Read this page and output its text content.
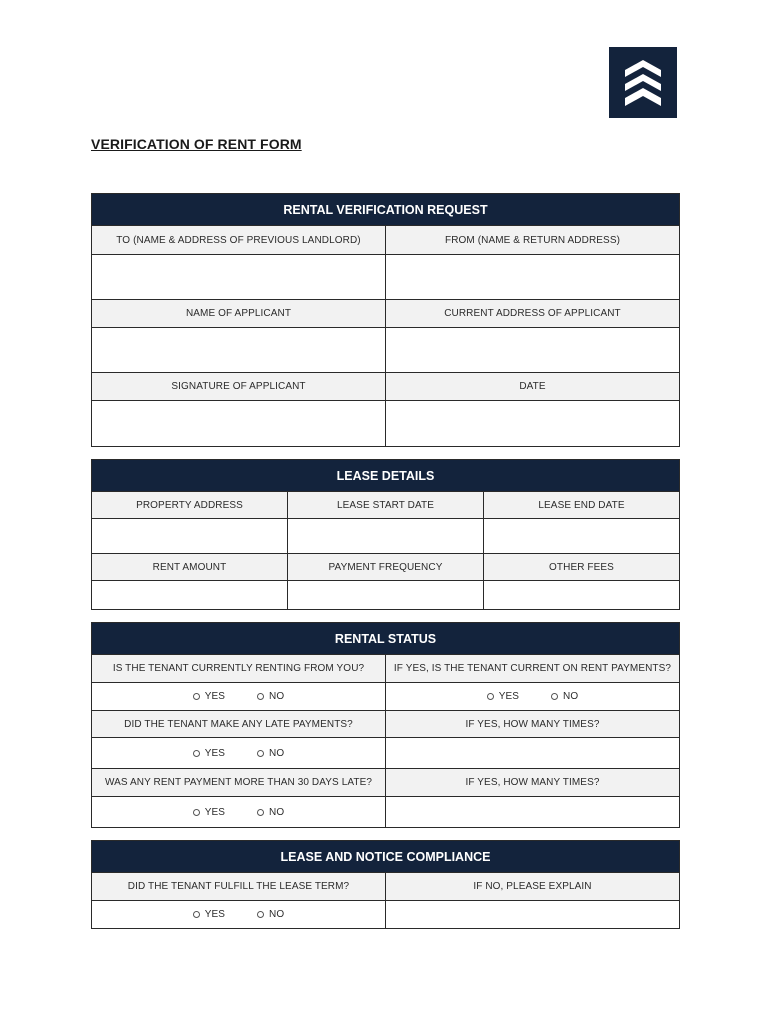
VERIFICATION OF RENT FORM
RENTAL VERIFICATION REQUEST
TO (NAME & ADDRESS OF PREVIOUS LANDLORD)	FROM (NAME & RETURN ADDRESS)
NAME OF APPLICANT	CURRENT ADDRESS OF APPLICANT
SIGNATURE OF APPLICANT	DATE
LEASE DETAILS
PROPERTY ADDRESS	LEASE START DATE	LEASE END DATE
RENT AMOUNT	PAYMENT FREQUENCY	OTHER FEES
RENTAL STATUS
IS THE TENANT CURRENTLY RENTING FROM YOU?	IF YES, IS THE TENANT CURRENT ON RENT PAYMENTS?
YES	NO	YES	NO
DID THE TENANT MAKE ANY LATE PAYMENTS?	IF YES, HOW MANY TIMES?
YES	NO
WAS ANY RENT PAYMENT MORE THAN 30 DAYS LATE?	IF YES, HOW MANY TIMES?
YES	NO
LEASE AND NOTICE COMPLIANCE
DID THE TENANT FULFILL THE LEASE TERM?	IF NO, PLEASE EXPLAIN
YES	NO
